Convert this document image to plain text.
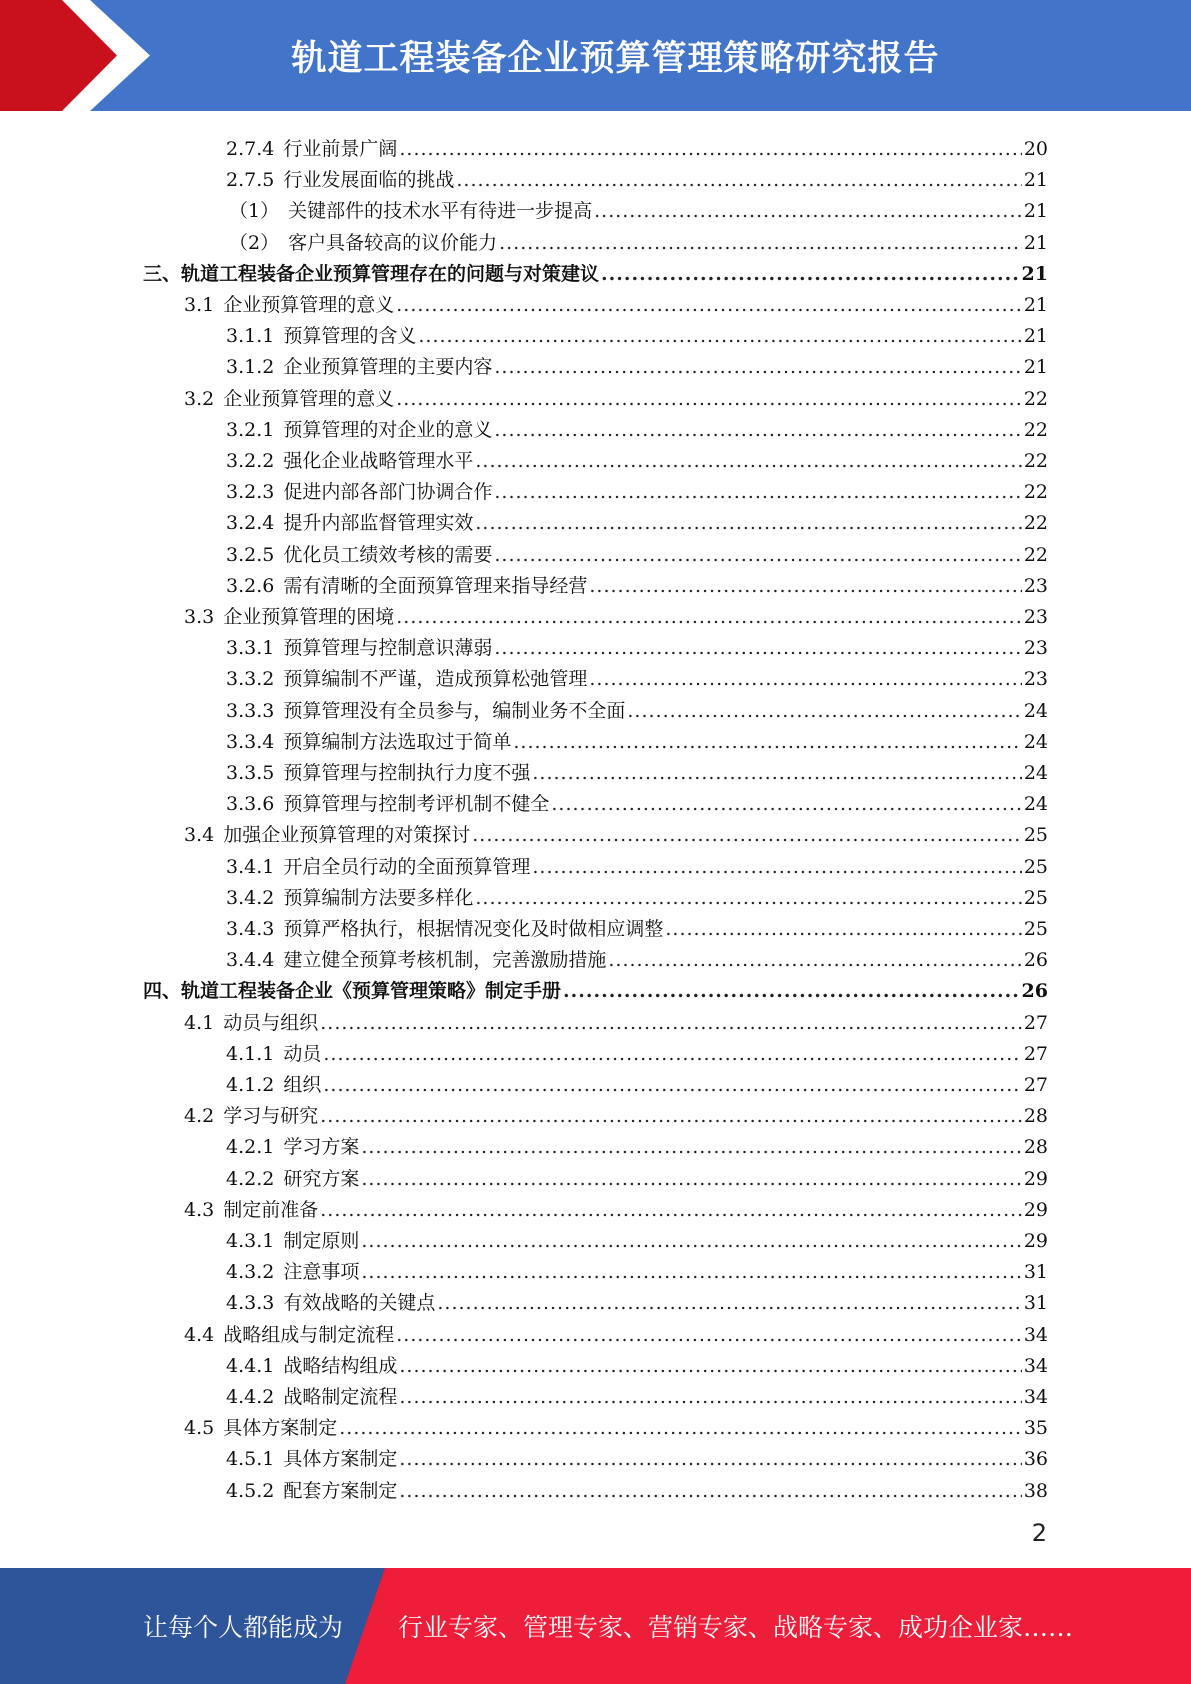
轨道工程装备企业预算管理策略研究报告
2.7.4 行业前景广阔 .....	20
2.7.5 行业发展面临的挑战 .....	21
（1） 关键部件的技术水平有待进一步提高 .....	21
（2） 客户具备较高的议价能力 .....	21
三、轨道工程装备企业预算管理存在的问题与对策建议 .....	21
3.1 企业预算管理的意义 .....	21
3.1.1 预算管理的含义 .....	21
3.1.2 企业预算管理的主要内容 .....	21
3.2 企业预算管理的意义 .....	22
3.2.1 预算管理的对企业的意义 .....	22
3.2.2 强化企业战略管理水平 .....	22
3.2.3 促进内部各部门协调合作 .....	22
3.2.4 提升内部监督管理实效 .....	22
3.2.5 优化员工绩效考核的需要 .....	22
3.2.6 需有清晰的全面预算管理来指导经营 .....	23
3.3 企业预算管理的困境 .....	23
3.3.1 预算管理与控制意识薄弱 .....	23
3.3.2 预算编制不严谨，造成预算松弛管理 .....	23
3.3.3 预算管理没有全员参与，编制业务不全面 .....	24
3.3.4 预算编制方法选取过于简单 .....	24
3.3.5 预算管理与控制执行力度不强 .....	24
3.3.6 预算管理与控制考评机制不健全 .....	24
3.4 加强企业预算管理的对策探讨 .....	25
3.4.1 开启全员行动的全面预算管理 .....	25
3.4.2 预算编制方法要多样化 .....	25
3.4.3 预算严格执行，根据情况变化及时做相应调整 .....	25
3.4.4 建立健全预算考核机制，完善激励措施 .....	26
四、轨道工程装备企业《预算管理策略》制定手册 .....	26
4.1 动员与组织 .....	27
4.1.1 动员 .....	27
4.1.2 组织 .....	27
4.2 学习与研究 .....	28
4.2.1 学习方案 .....	28
4.2.2 研究方案 .....	29
4.3 制定前准备 .....	29
4.3.1 制定原则 .....	29
4.3.2 注意事项 .....	31
4.3.3 有效战略的关键点 .....	31
4.4 战略组成与制定流程 .....	34
4.4.1 战略结构组成 .....	34
4.4.2 战略制定流程 .....	34
4.5 具体方案制定 .....	35
4.5.1 具体方案制定 .....	36
4.5.2 配套方案制定 .....	38
2
让每个人都能成为 行业专家、管理专家、营销专家、战略专家、成功企业家……
